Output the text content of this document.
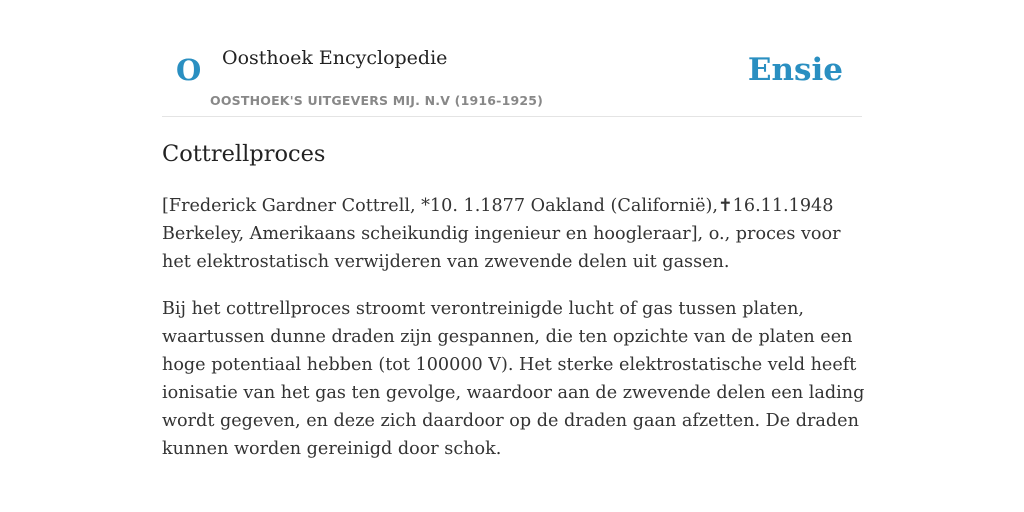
O Oosthoek Encyclopedie
OOSTHOEK'S UITGEVERS MIJ. N.V (1916-1925)
Ensie
Cottrellproces

[Frederick Gardner Cottrell, *10. 1.1877 Oakland (Californië),✝16.11.1948 Berkeley, Amerikaans scheikundig ingenieur en hoogleraar], o., proces voor het elektrostatisch verwijderen van zwevende delen uit gassen.

Bij het cottrellproces stroomt verontreinigde lucht of gas tussen platen, waartussen dunne draden zijn gespannen, die ten opzichte van de platen een hoge potentiaal hebben (tot 100000 V). Het sterke elektrostatische veld heeft ionisatie van het gas ten gevolge, waardoor aan de zwevende delen een lading wordt gegeven, en deze zich daardoor op de draden gaan afzetten. De draden kunnen worden gereinigd door schok.
